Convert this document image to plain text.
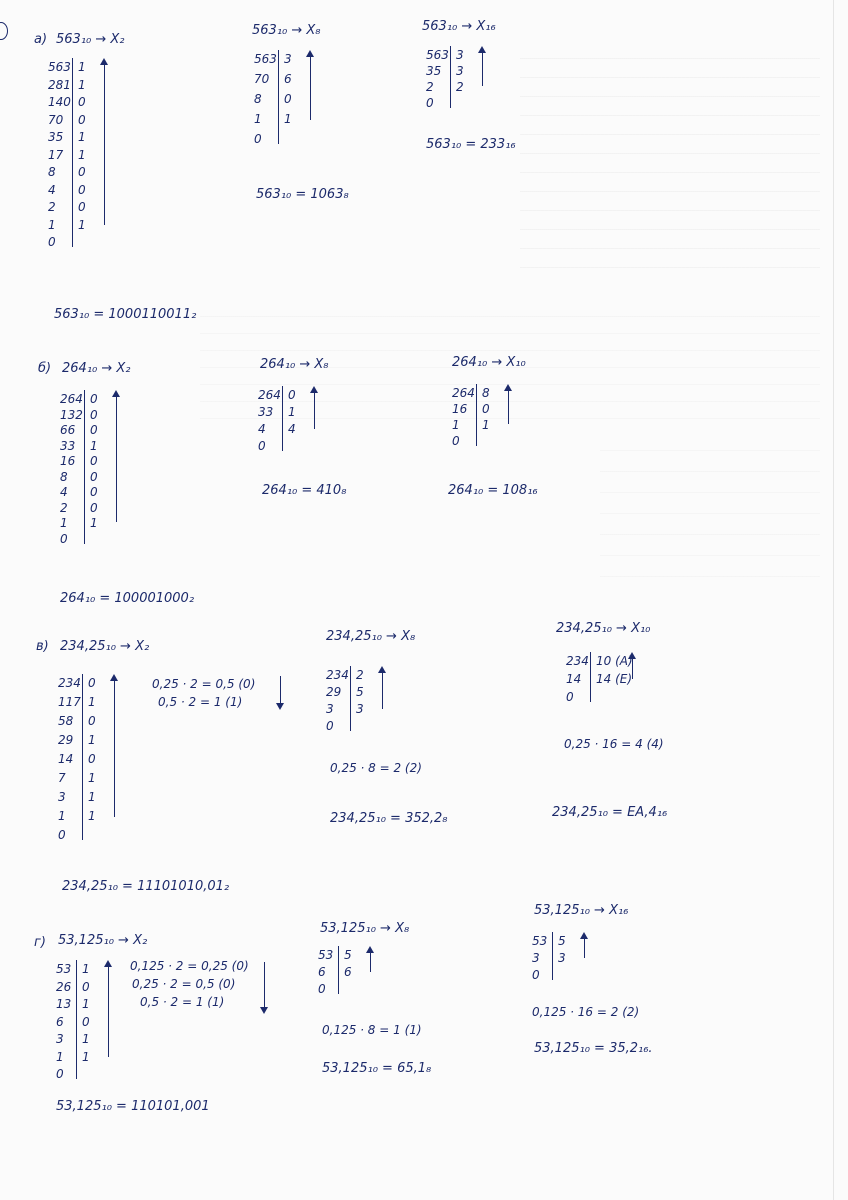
а) 563₁₀ → X₂
563₁₀ → X₈	563₁₀ → X₁₆
563 1
281 1
140 0
70 0
35 1
17 1
8 0
4 0
2 0
1 1
0
563 3
70 6
8 0
1 1
0
563 3
35 3
2 2
0
563₁₀ = 1000110011₂
563₁₀ = 1063₈
563₁₀ = 233₁₆
б) 264₁₀ → X₂	264₁₀ → X₈	264₁₀ → X₁₀
264 0
132 0
66 0
33 1
16 0
8 0
4 0
2 0
1 1
0
264 0
33 1
4 4
0
264 8
16 0
1 1
0
264₁₀ = 100001000₂
264₁₀ = 410₈	264₁₀ = 108₁₆
в) 234,25₁₀ → X₂
234,25₁₀ → X₈
234,25₁₀ → X₁₀
234 0
117 1
58 0
29 1
14 0
7 1
3 1
1 1
0
234 2
29 5
3 3
0
234 10 (A)
14 14 (E)
0
0,25 · 2 = 0,5 (0)
0,5 · 2 = 1 (1)
0,25 · 8 = 2 (2)
0,25 · 16 = 4 (4)
234,25₁₀ = 11101010,01₂
234,25₁₀ = 352,2₈	234,25₁₀ = EA,4₁₆
г) 53,125₁₀ → X₂
53,125₁₀ → X₈
53,125₁₀ → X₁₆
53 1
26 0
13 1
6 0
3 1
1 1
0
53 5
6 6
0
53 5
3 3
0
0,125 · 2 = 0,25 (0)
0,25 · 2 = 0,5 (0)
0,5 · 2 = 1 (1)
0,125 · 8 = 1 (1)
0,125 · 16 = 2 (2)
53,125₁₀ = 110101,001
53,125₁₀ = 65,1₈
53,125₁₀ = 35,2₁₆.
